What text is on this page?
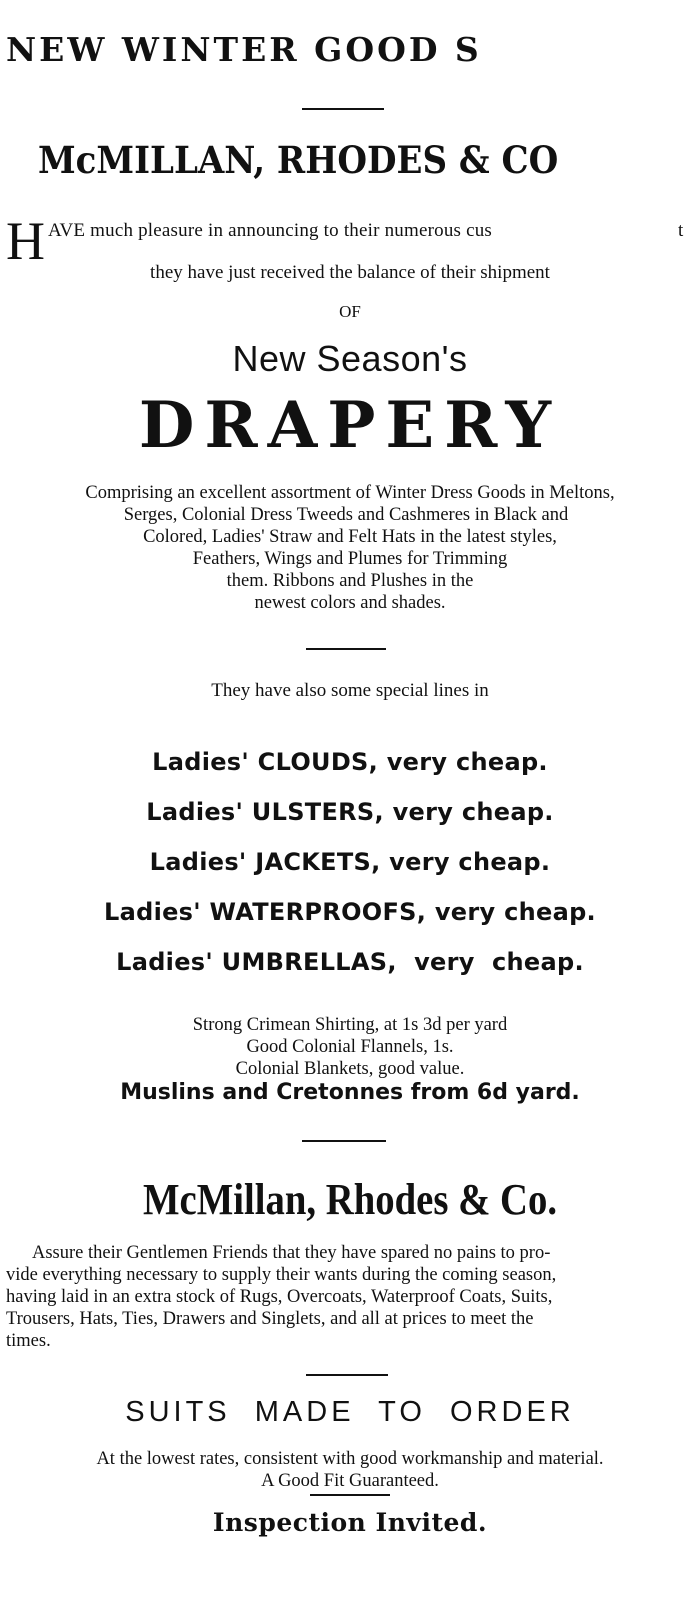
NEW WINTER GOOD S
McMILLAN, RHODES & CO
H AVE much pleasure in announcing to their numerous cus	t
they have just received the balance of their shipment
OF
New Season's
DRAPERY
Comprising an excellent assortment of Winter Dress Goods in Meltons,
Serges, Colonial Dress Tweeds and Cashmeres in Black and
Colored, Ladies' Straw and Felt Hats in the latest styles,
Feathers, Wings and Plumes for Trimming
them. Ribbons and Plushes in the
newest colors and shades.
They have also some special lines in
Ladies' CLOUDS, very cheap.
Ladies' ULSTERS, very cheap.
Ladies' JACKETS, very cheap.
Ladies' WATERPROOFS, very cheap.
Ladies' UMBRELLAS,  very  cheap.
Strong Crimean Shirting, at 1s 3d per yard
Good Colonial Flannels, 1s.
Colonial Blankets, good value.
Muslins and Cretonnes from 6d yard.
McMillan, Rhodes & Co.
Assure their Gentlemen Friends that they have spared no pains to pro-
vide everything necessary to supply their wants during the coming season,
having laid in an extra stock of Rugs, Overcoats, Waterproof Coats, Suits,
Trousers, Hats, Ties, Drawers and Singlets, and all at prices to meet the
times.
SUITS  MADE  TO  ORDER
At the lowest rates, consistent with good workmanship and material.
A Good Fit Guaranteed.
Inspection Invited.
